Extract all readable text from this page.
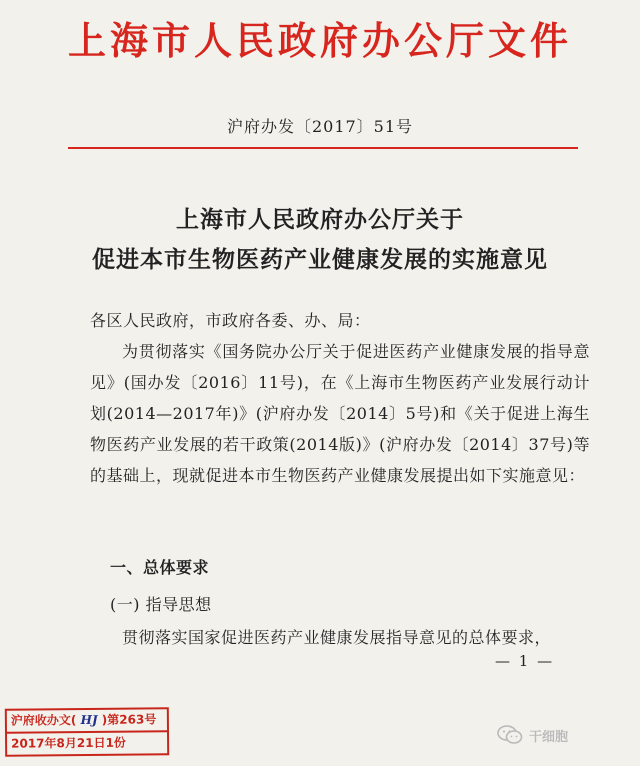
上海市人民政府办公厅文件
沪府办发〔2017〕51号
上海市人民政府办公厅关于
促进本市生物医药产业健康发展的实施意见
各区人民政府，市政府各委、办、局：
为贯彻落实《国务院办公厅关于促进医药产业健康发展的指导意见》(国办发〔2016〕11号)，在《上海市生物医药产业发展行动计划(2014—2017年)》(沪府办发〔2014〕5号)和《关于促进上海生物医药产业发展的若干政策(2014版)》(沪府办发〔2014〕37号)等的基础上，现就促进本市生物医药产业健康发展提出如下实施意见：
一、总体要求
(一) 指导思想
贯彻落实国家促进医药产业健康发展指导意见的总体要求，
— 1 —
沪府收办文( HJ )第263号
2017年8月21日1份	干细胞
